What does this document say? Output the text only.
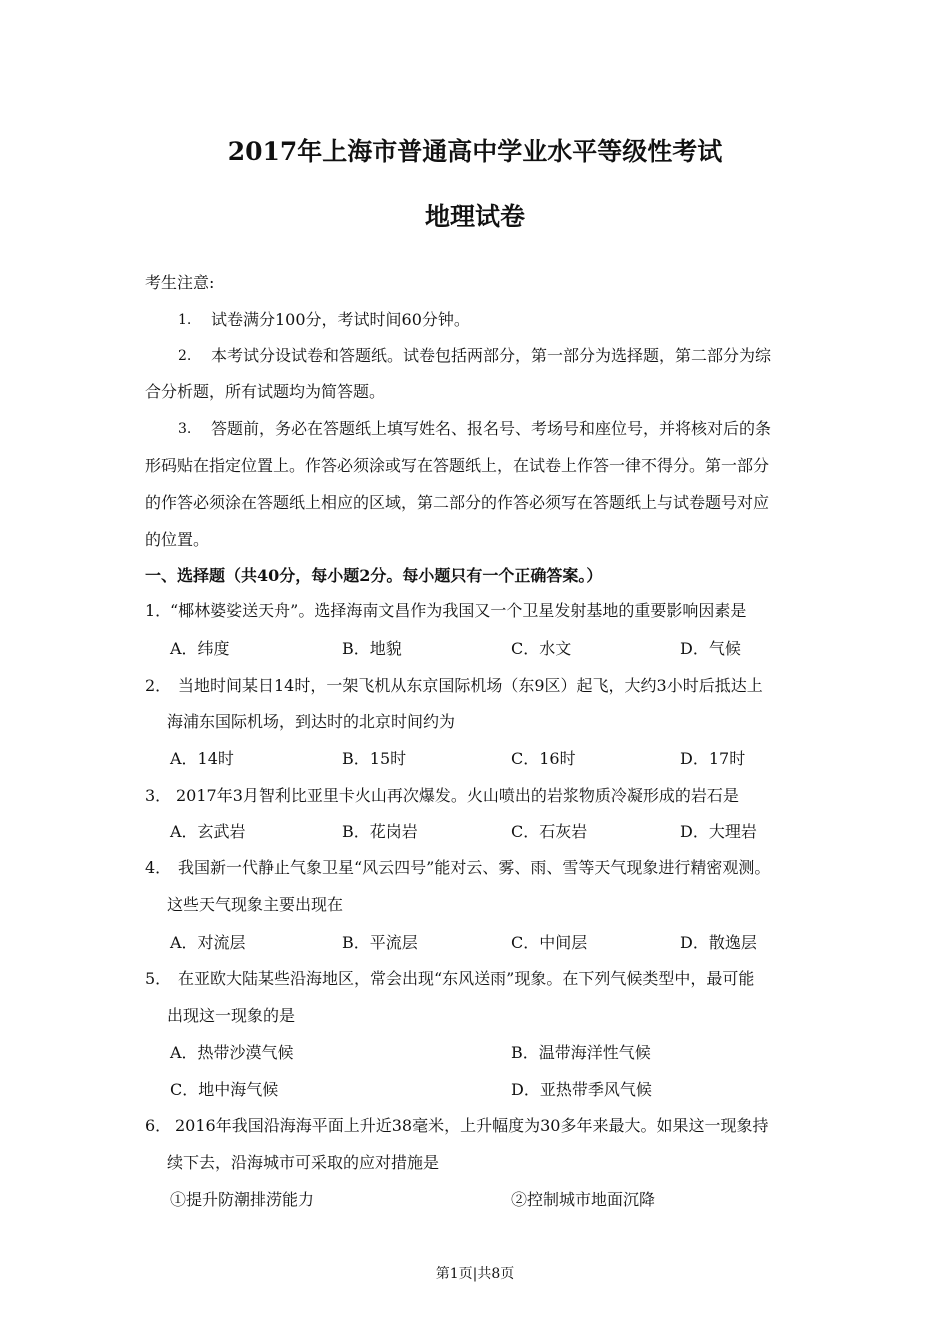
2017年上海市普通高中学业水平等级性考试
地理试卷
考生注意:
1. 试卷满分100分，考试时间60分钟。
2. 本考试分设试卷和答题纸。试卷包括两部分，第一部分为选择题，第二部分为综
合分析题，所有试题均为简答题。
3. 答题前，务必在答题纸上填写姓名、报名号、考场号和座位号，并将核对后的条
形码贴在指定位置上。作答必须涂或写在答题纸上，在试卷上作答一律不得分。第一部分
的作答必须涂在答题纸上相应的区域，第二部分的作答必须写在答题纸上与试卷题号对应
的位置。
一、选择题（共40分，每小题2分。每小题只有一个正确答案。）
1．
“椰林婆娑送天舟”。选择海南文昌作为我国又一个卫星发射基地的重要影响因素是
A．纬度	B．地貌	C．水文	D．气候
2． 当地时间某日14时，一架飞机从东京国际机场（东9区）起飞，大约3小时后抵达上
海浦东国际机场，到达时的北京时间约为
A．14时	B．15时	C．16时	D．17时
3． 2017年3月智利比亚里卡火山再次爆发。火山喷出的岩浆物质冷凝形成的岩石是
A．玄武岩	B．花岗岩	C．石灰岩	D．大理岩
4． 我国新一代静止气象卫星“风云四号”能对云、雾、雨、雪等天气现象进行精密观测。
这些天气现象主要出现在
A．对流层	B．平流层	C．中间层	D．散逸层
5． 在亚欧大陆某些沿海地区，常会出现“东风送雨”现象。在下列气候类型中，最可能
出现这一现象的是
A．热带沙漠气候	B．温带海洋性气候
C．地中海气候	D．亚热带季风气候
6． 2016年我国沿海海平面上升近38毫米，上升幅度为30多年来最大。如果这一现象持
续下去，沿海城市可采取的应对措施是
①提升防潮排涝能力	②控制城市地面沉降
第1页|共8页
